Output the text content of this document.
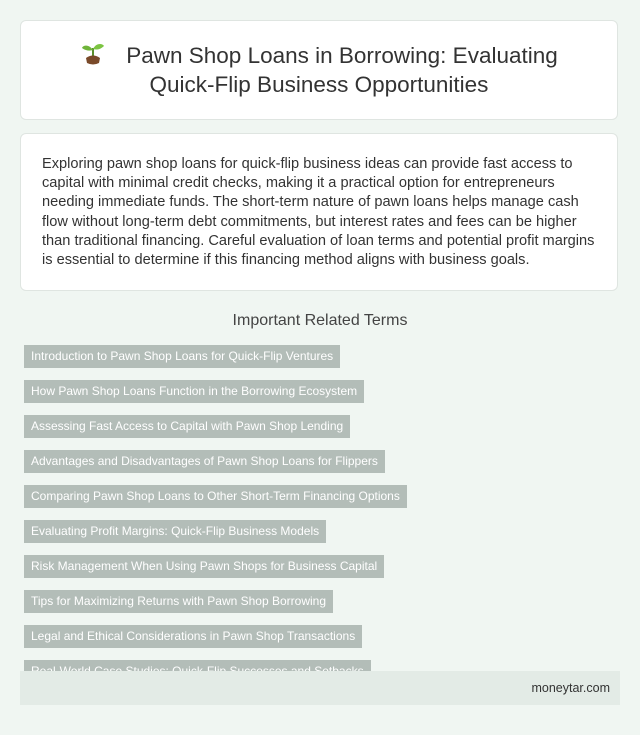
Pawn Shop Loans in Borrowing: Evaluating Quick-Flip Business Opportunities

Exploring pawn shop loans for quick-flip business ideas can provide fast access to capital with minimal credit checks, making it a practical option for entrepreneurs needing immediate funds. The short-term nature of pawn loans helps manage cash flow without long-term debt commitments, but interest rates and fees can be higher than traditional financing. Careful evaluation of loan terms and potential profit margins is essential to determine if this financing method aligns with business goals.

Important Related Terms
Introduction to Pawn Shop Loans for Quick-Flip Ventures
How Pawn Shop Loans Function in the Borrowing Ecosystem
Assessing Fast Access to Capital with Pawn Shop Lending
Advantages and Disadvantages of Pawn Shop Loans for Flippers
Comparing Pawn Shop Loans to Other Short-Term Financing Options
Evaluating Profit Margins: Quick-Flip Business Models
Risk Management When Using Pawn Shops for Business Capital
Tips for Maximizing Returns with Pawn Shop Borrowing
Legal and Ethical Considerations in Pawn Shop Transactions
moneytar.com
